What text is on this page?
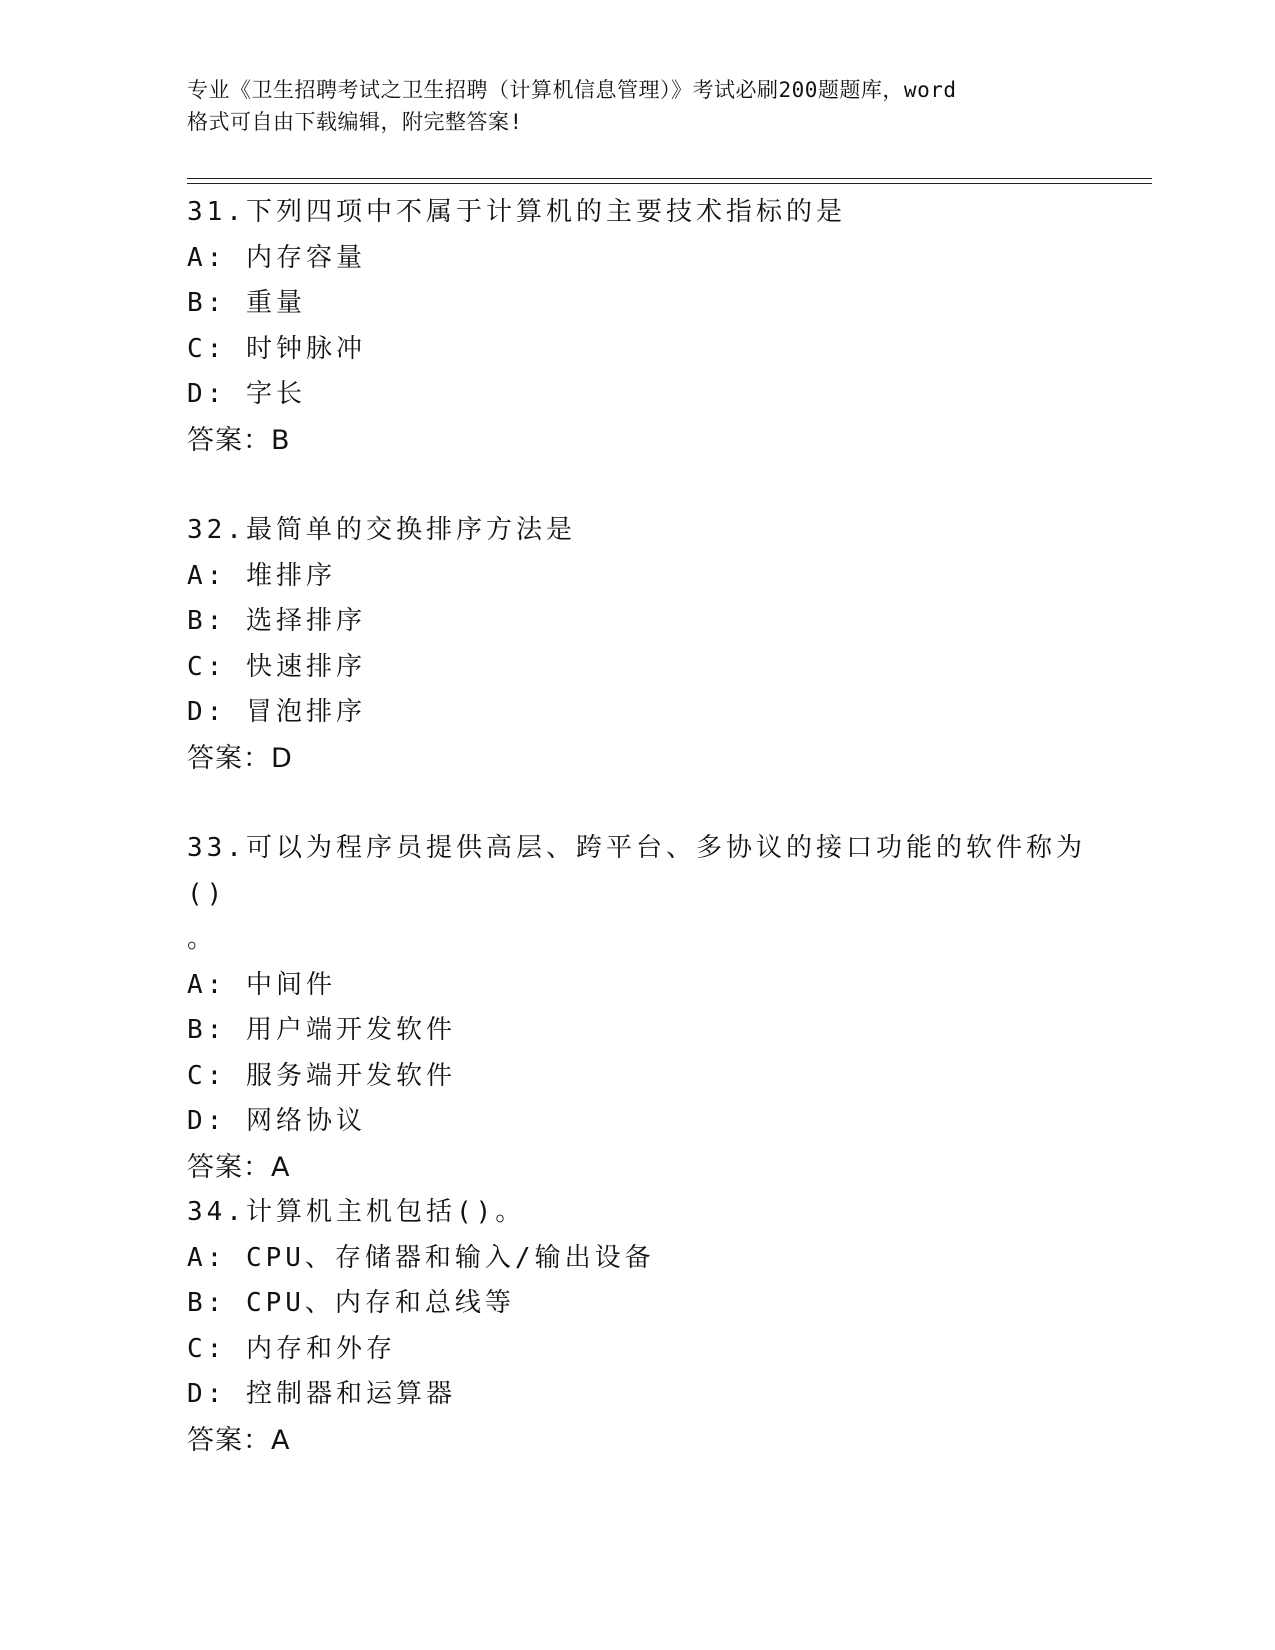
专业《卫生招聘考试之卫生招聘（计算机信息管理）》考试必刷200题题库，word
格式可自由下载编辑，附完整答案!
31.下列四项中不属于计算机的主要技术指标的是
A: 内存容量
B: 重量
C: 时钟脉冲
D: 字长
答案：B
32.最简单的交换排序方法是
A: 堆排序
B: 选择排序
C: 快速排序
D: 冒泡排序
答案：D
33.可以为程序员提供高层、跨平台、多协议的接口功能的软件称为()
。
A: 中间件
B: 用户端开发软件
C: 服务端开发软件
D: 网络协议
答案：A
34.计算机主机包括()。
A: CPU、存储器和输入/输出设备
B: CPU、内存和总线等
C: 内存和外存
D: 控制器和运算器
答案：A
